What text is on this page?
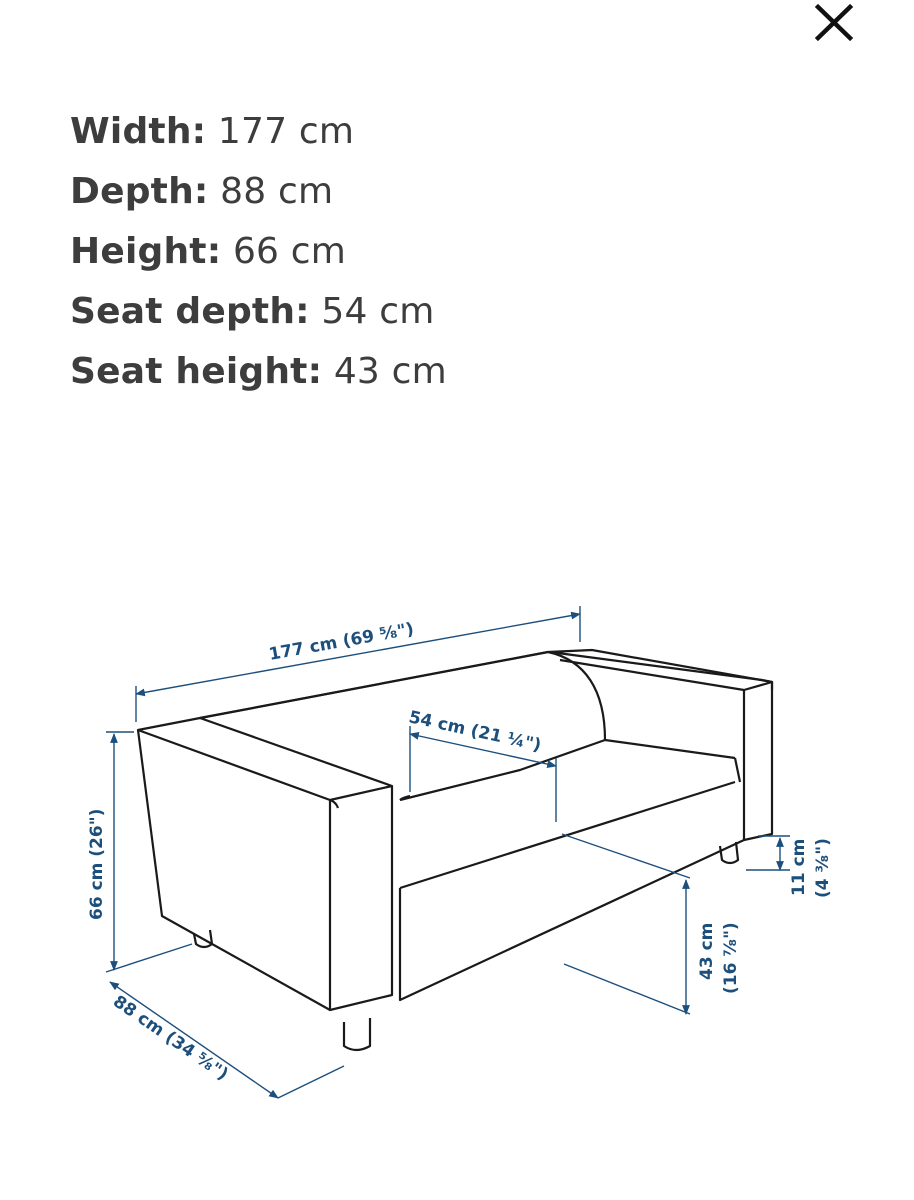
Width: 177 cm
Depth: 88 cm
Height: 66 cm
Seat depth: 54 cm
Seat height: 43 cm
177 cm (69 ⁵⁄₈")
54 cm (21 ¼")
66 cm (26")
88 cm (34 ⁵⁄₈")
43 cm (16 ⁷⁄₈")
11 cm (4 ³⁄₈")
